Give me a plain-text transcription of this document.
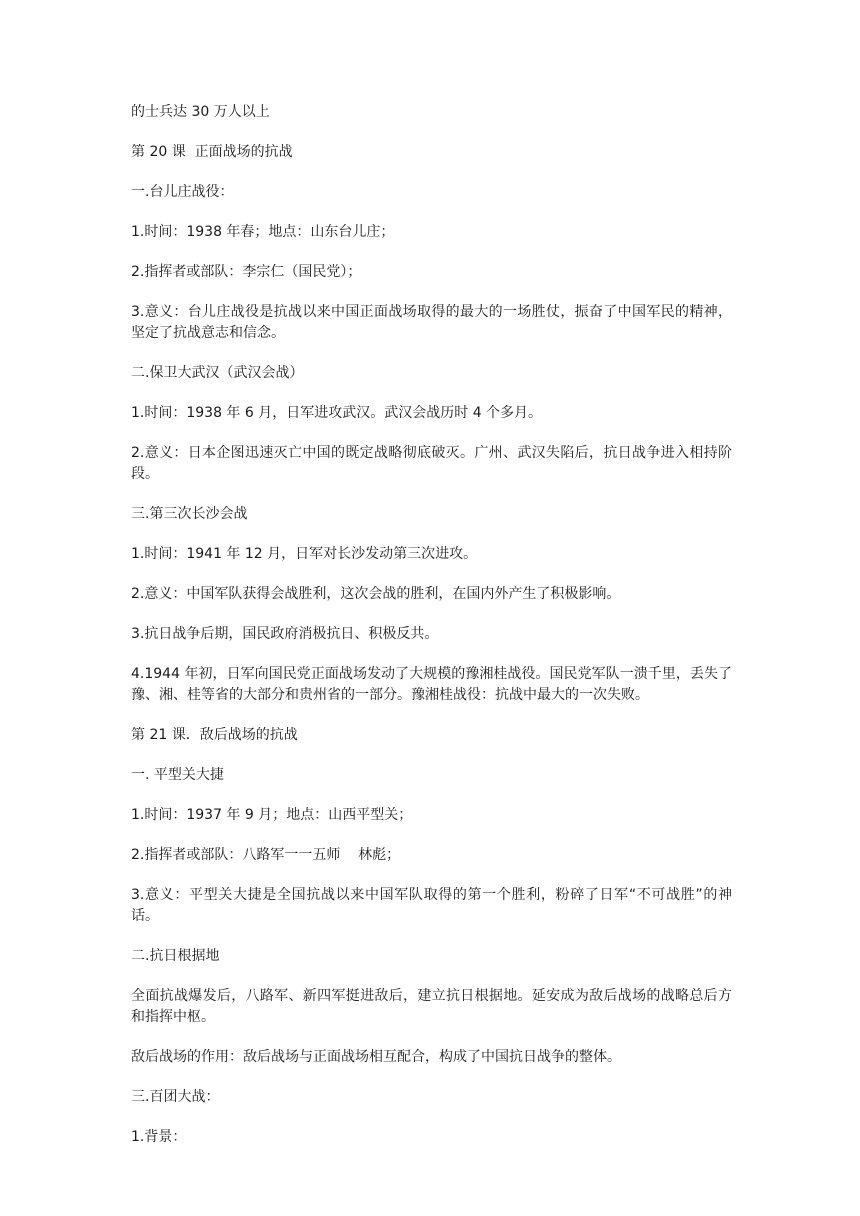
的士兵达 30 万人以上

第 20 课  正面战场的抗战

一.台儿庄战役：

1.时间：1938 年春；地点：山东台儿庄；

2.指挥者或部队：李宗仁（国民党）；

3.意义：台儿庄战役是抗战以来中国正面战场取得的最大的一场胜仗，振奋了中国军民的精神，坚定了抗战意志和信念。

二.保卫大武汉（武汉会战）

1.时间：1938 年 6 月，日军进攻武汉。武汉会战历时 4 个多月。

2.意义：日本企图迅速灭亡中国的既定战略彻底破灭。广州、武汉失陷后，抗日战争进入相持阶段。

三.第三次长沙会战

1.时间：1941 年 12 月，日军对长沙发动第三次进攻。

2.意义：中国军队获得会战胜利，这次会战的胜利，在国内外产生了积极影响。

3.抗日战争后期，国民政府消极抗日、积极反共。

4.1944 年初，日军向国民党正面战场发动了大规模的豫湘桂战役。国民党军队一溃千里，丢失了豫、湘、桂等省的大部分和贵州省的一部分。豫湘桂战役：抗战中最大的一次失败。

第 21 课．敌后战场的抗战

一. 平型关大捷

1.时间：1937 年 9 月；地点：山西平型关；

2.指挥者或部队：八路军一一五师    林彪；

3.意义：平型关大捷是全国抗战以来中国军队取得的第一个胜利，粉碎了日军“不可战胜”的神话。

二.抗日根据地

全面抗战爆发后，八路军、新四军挺进敌后，建立抗日根据地。延安成为敌后战场的战略总后方和指挥中枢。

敌后战场的作用：敌后战场与正面战场相互配合，构成了中国抗日战争的整体。

三.百团大战：

1.背景：
